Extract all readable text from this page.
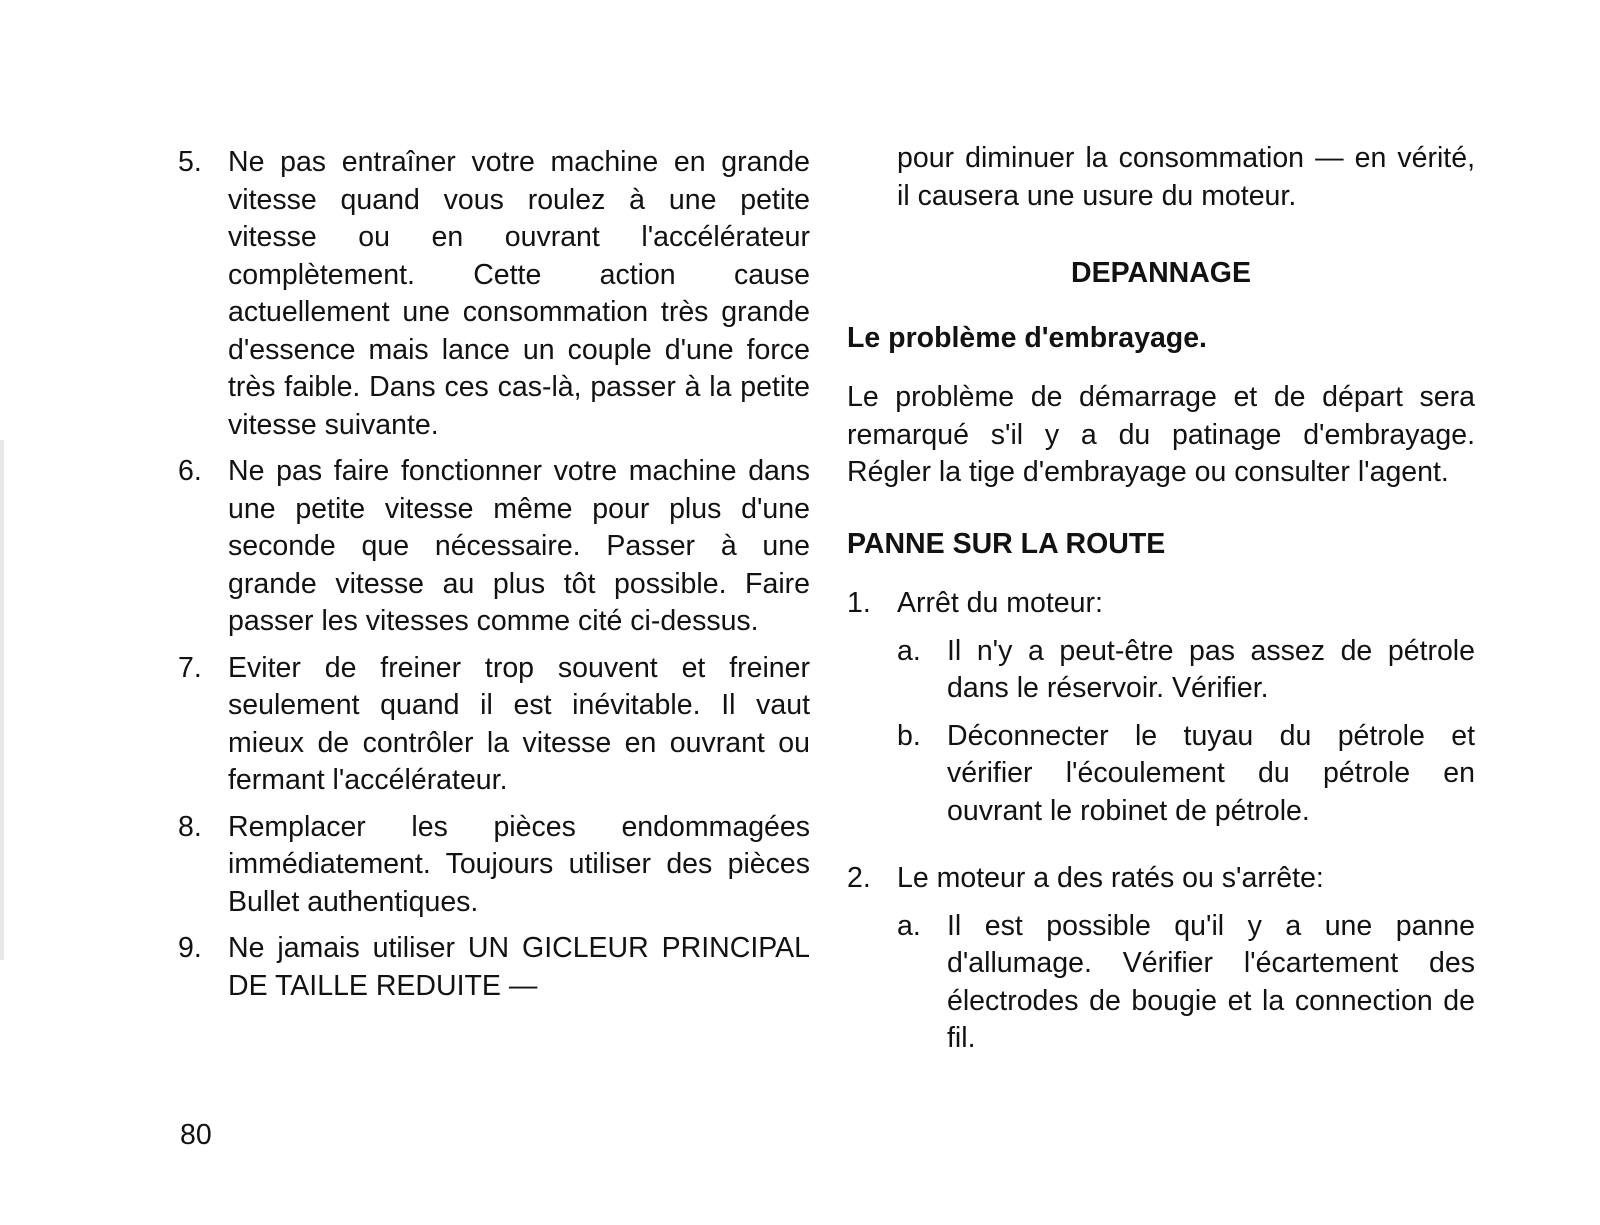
5. Ne pas entraîner votre machine en grande vitesse quand vous roulez à une petite vitesse ou en ouvrant l'accélérateur complètement. Cette action cause actuellement une consommation très grande d'essence mais lance un couple d'une force très faible. Dans ces cas-là, passer à la petite vitesse suivante.
6. Ne pas faire fonctionner votre machine dans une petite vitesse même pour plus d'une seconde que nécessaire. Passer à une grande vitesse au plus tôt possible. Faire passer les vitesses comme cité ci-dessus.
7. Eviter de freiner trop souvent et freiner seulement quand il est inévitable. Il vaut mieux de contrôler la vitesse en ouvrant ou fermant l'accélérateur.
8. Remplacer les pièces endommagées immédiatement. Toujours utiliser des pièces Bullet authentiques.
9. Ne jamais utiliser UN GICLEUR PRINCIPAL DE TAILLE REDUITE —

pour diminuer la consommation — en vérité, il causera une usure du moteur.

DEPANNAGE

Le problème d'embrayage.

Le problème de démarrage et de départ sera remarqué s'il y a du patinage d'embrayage. Régler la tige d'embrayage ou consulter l'agent.

PANNE SUR LA ROUTE

1. Arrêt du moteur:
a. Il n'y a peut-être pas assez de pétrole dans le réservoir. Vérifier.
b. Déconnecter le tuyau du pétrole et vérifier l'écoulement du pétrole en ouvrant le robinet de pétrole.
2. Le moteur a des ratés ou s'arrête:
a. Il est possible qu'il y a une panne d'allumage. Vérifier l'écartement des électrodes de bougie et la connection de fil.
80
